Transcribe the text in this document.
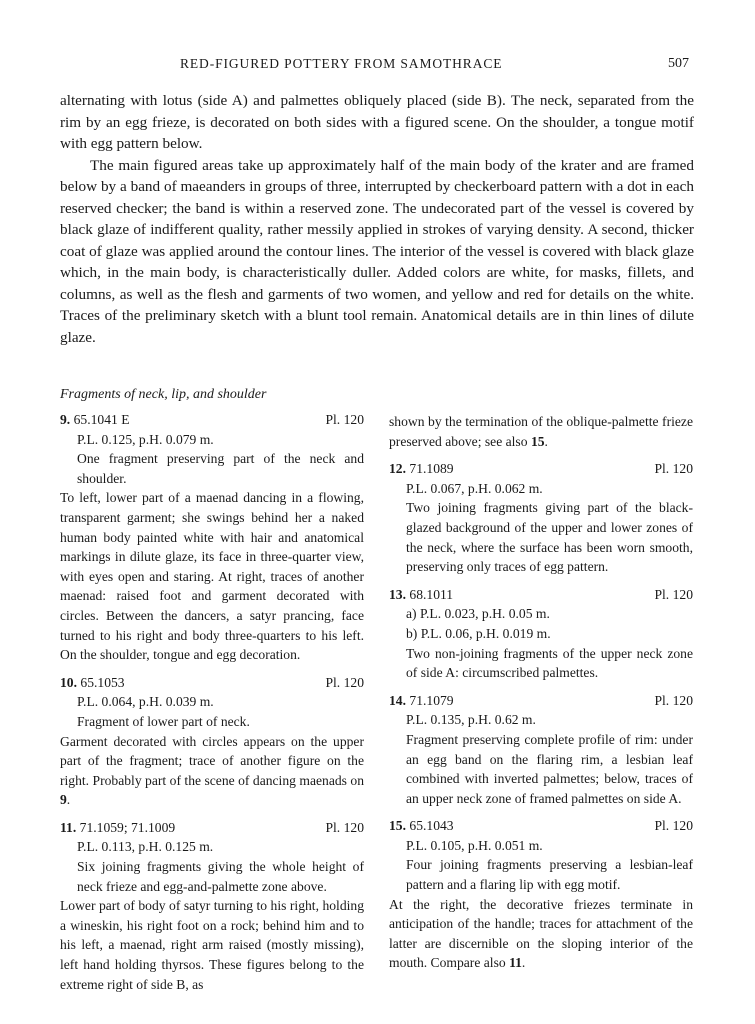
RED-FIGURED POTTERY FROM SAMOTHRACE	507

alternating with lotus (side A) and palmettes obliquely placed (side B). The neck, separated from the rim by an egg frieze, is decorated on both sides with a figured scene. On the shoulder, a tongue motif with egg pattern below.

The main figured areas take up approximately half of the main body of the krater and are framed below by a band of maeanders in groups of three, interrupted by checkerboard pattern with a dot in each reserved checker; the band is within a reserved zone. The undecorated part of the vessel is covered by black glaze of indifferent quality, rather messily applied in strokes of varying density. A second, thicker coat of glaze was applied around the contour lines. The interior of the vessel is covered with black glaze which, in the main body, is characteristically duller. Added colors are white, for masks, fillets, and columns, as well as the flesh and garments of two women, and yellow and red for details on the white. Traces of the preliminary sketch with a blunt tool remain. Anatomical details are in thin lines of dilute glaze.

Fragments of neck, lip, and shoulder
9. 65.1041 E	Pl. 120
P.L. 0.125, p.H. 0.079 m.
One fragment preserving part of the neck and shoulder.
To left, lower part of a maenad dancing in a flowing, transparent garment; she swings behind her a naked human body painted white with hair and anatomical markings in dilute glaze, its face in three-quarter view, with eyes open and staring. At right, traces of another maenad: raised foot and garment decorated with circles. Between the dancers, a satyr prancing, face turned to his right and body three-quarters to his left. On the shoulder, tongue and egg decoration.
10. 65.1053	Pl. 120
P.L. 0.064, p.H. 0.039 m.
Fragment of lower part of neck.
Garment decorated with circles appears on the upper part of the fragment; trace of another figure on the right. Probably part of the scene of dancing maenads on 9.
11. 71.1059; 71.1009	Pl. 120
P.L. 0.113, p.H. 0.125 m.
Six joining fragments giving the whole height of neck frieze and egg-and-palmette zone above.
Lower part of body of satyr turning to his right, holding a wineskin, his right foot on a rock; behind him and to his left, a maenad, right arm raised (mostly missing), left hand holding thyrsos. These figures belong to the extreme right of side B, as
shown by the termination of the oblique-palmette frieze preserved above; see also 15.
12. 71.1089	Pl. 120
P.L. 0.067, p.H. 0.062 m.
Two joining fragments giving part of the black-glazed background of the upper and lower zones of the neck, where the surface has been worn smooth, preserving only traces of egg pattern.
13. 68.1011	Pl. 120
a) P.L. 0.023, p.H. 0.05 m.
b) P.L. 0.06, p.H. 0.019 m.
Two non-joining fragments of the upper neck zone of side A: circumscribed palmettes.
14. 71.1079	Pl. 120
P.L. 0.135, p.H. 0.62 m.
Fragment preserving complete profile of rim: under an egg band on the flaring rim, a lesbian leaf combined with inverted palmettes; below, traces of an upper neck zone of framed palmettes on side A.
15. 65.1043	Pl. 120
P.L. 0.105, p.H. 0.051 m.
Four joining fragments preserving a lesbian-leaf pattern and a flaring lip with egg motif.
At the right, the decorative friezes terminate in anticipation of the handle; traces for attachment of the latter are discernible on the sloping interior of the mouth. Compare also 11.
